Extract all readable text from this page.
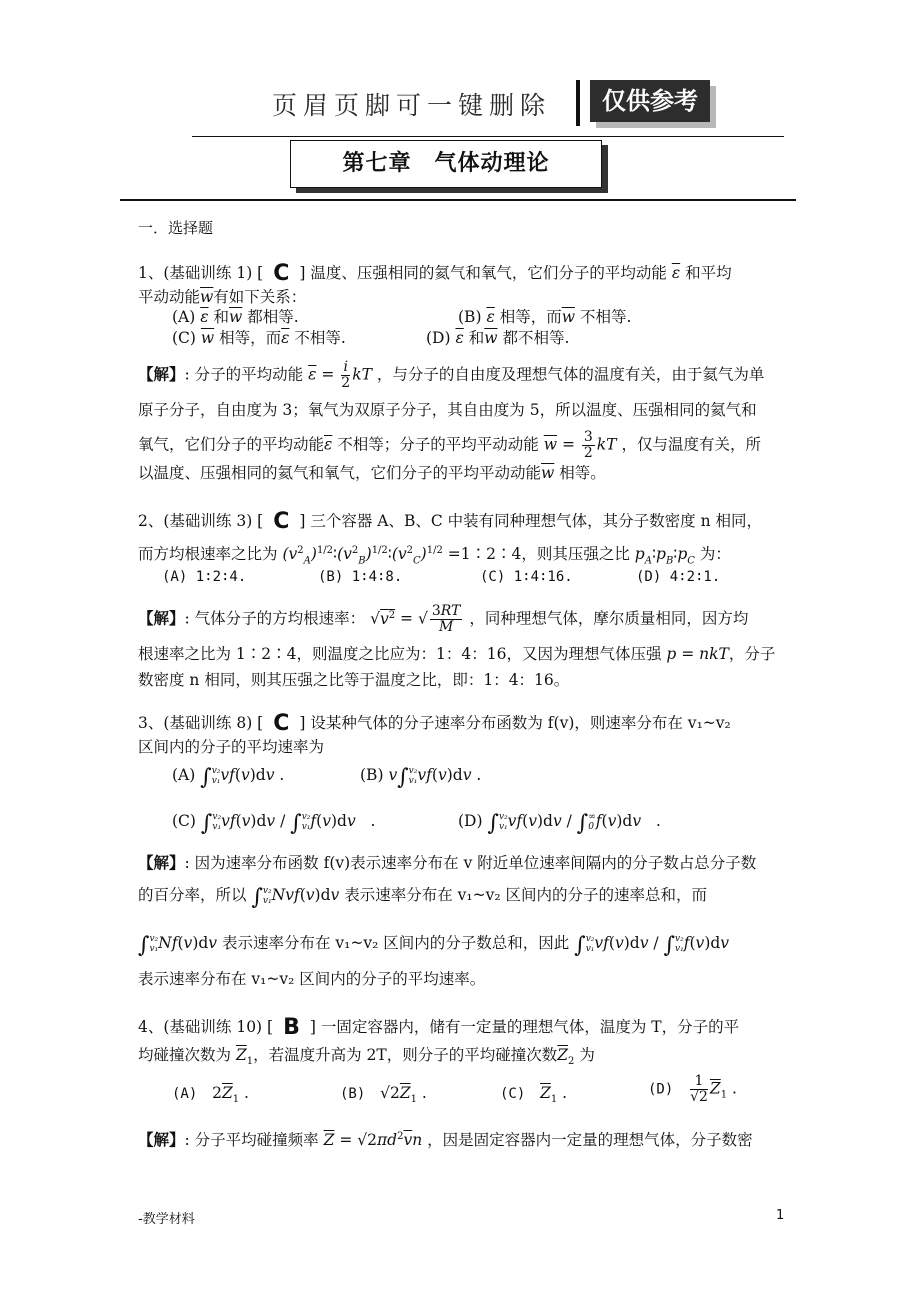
页眉页脚可一键删除	仅供参考
第七章　气体动理论
一．选择题
1、(基础训练 1) [ C ] 温度、压强相同的氦气和氧气，它们分子的平均动能 $\overline{\varepsilon}$ 和平均
平动动能$\overline{w}$有如下关系：
(A) $\overline{\varepsilon}$ 和$\overline{w}$ 都相等.	(B) $\overline{\varepsilon}$ 相等，而$\overline{w}$ 不相等.
(C) $\overline{w}$ 相等，而$\overline{\varepsilon}$ 不相等.	(D) $\overline{\varepsilon}$ 和$\overline{w}$ 都不相等.
【解】: 分子的平均动能 $\overline{\varepsilon} = \frac{i}{2}$ kT ，与分子的自由度及理想气体的温度有关，由于氦气为单
原子分子，自由度为 3；氧气为双原子分子，其自由度为 5，所以温度、压强相同的氦气和
氧气，它们分子的平均动能$\overline{\varepsilon}$ 不相等；分子的平均平动动能 $\overline{w} = \frac{3}{2}$ kT ，仅与温度有关，所
以温度、压强相同的氦气和氧气，它们分子的平均平动动能$\overline{w}$ 相等。
2、(基础训练 3) [ C ] 三个容器 A、B、C 中装有同种理想气体，其分子数密度 n 相同，
而方均根速率之比为 $(v^2_A)^{1/2}∶(v^2_B)^{1/2}∶(v^2_C)^{1/2}$ =1∶2∶4，则其压强之比 $p_A∶p_B∶p_C$ 为：
(A) 1∶2∶4.	(B) 1∶4∶8.	(C) 1∶4∶16.	(D) 4∶2∶1.
【解】: 气体分子的方均根速率： $√v^2$ = √ $\frac{3RT}{M}$ ，同种理想气体，摩尔质量相同，因方均
根速率之比为 1∶2∶4，则温度之比应为：1：4：16，又因为理想气体压强 p = nkT，分子
数密度 n 相同，则其压强之比等于温度之比，即：1：4：16。
3、(基础训练 8) [ C ] 设某种气体的分子速率分布函数为 f(v)，则速率分布在 v₁~v₂
区间内的分子的平均速率为
(A) ∫ v₂
v₁ vf(v)dv .	(B) v∫ v₂
v₁ vf(v)dv .
(C) ∫ v₂
v₁ vf(v)dv / ∫ v₂
v₁ f(v)dv   .	(D) ∫ v₂
v₁ vf(v)dv / ∫ ∞
0 f(v)dv   .
【解】: 因为速率分布函数 f(v)表示速率分布在 v 附近单位速率间隔内的分子数占总分子数
的百分率，所以 ∫ v₂
v₁ Nvf(v)dv 表示速率分布在 v₁~v₂ 区间内的分子的速率总和，而
∫ v₂
v₁ Nf(v)dv 表示速率分布在 v₁~v₂ 区间内的分子数总和，因此 ∫ v₂
v₁ vf(v)dv / ∫ v₂
v₁ f(v)dv
表示速率分布在 v₁~v₂ 区间内的分子的平均速率。
4、(基础训练 10) [ B ] 一固定容器内，储有一定量的理想气体，温度为 T，分子的平
均碰撞次数为 $\overline{Z}_1$，若温度升高为 2T，则分子的平均碰撞次数$\overline{Z}_2$ 为
(A)   $2\overline{Z}_1$ .	(B)   $√2\overline{Z}_1$ .	(C) $\overline{Z}_1$ .	$(D) \frac{1}{√2} \overline{Z}_1$ .
【解】: 分子平均碰撞频率 $\overline{Z} = √2\pi d^2\overline{v}n$ ，因是固定容器内一定量的理想气体，分子数密
-教学材料	1
